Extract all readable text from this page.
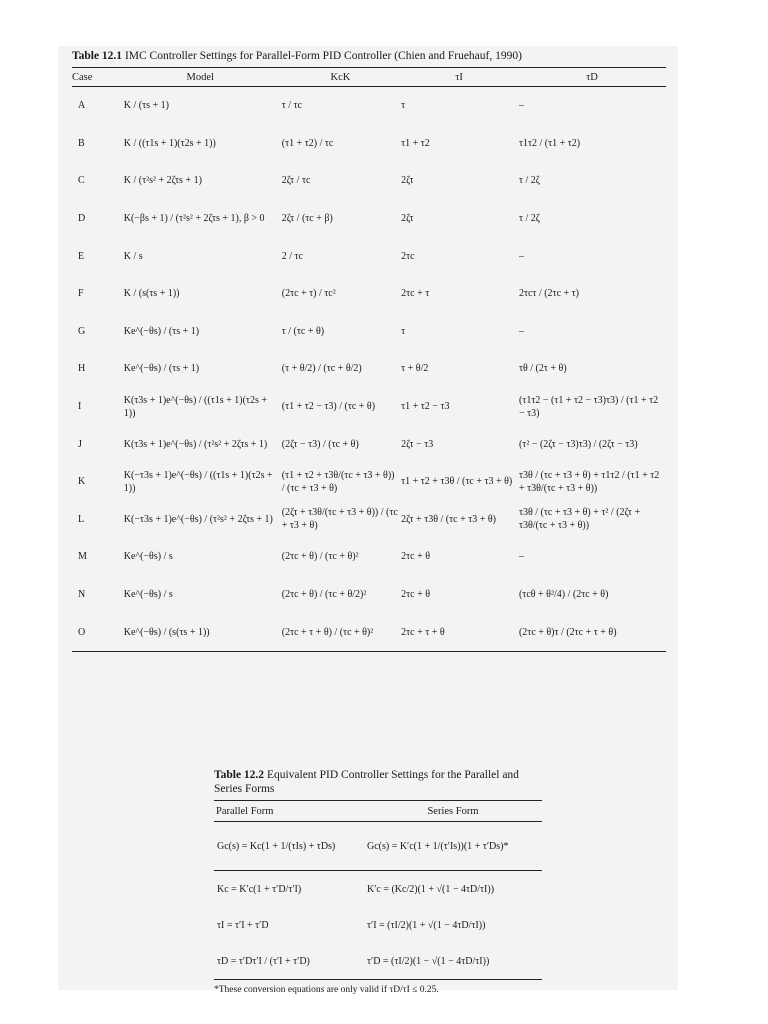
Table 12.1 IMC Controller Settings for Parallel-Form PID Controller (Chien and Fruehauf, 1990)
Case	Model	KcK	τI	τD
A	K / (τs + 1)	τ / τc	τ	–
B	K / ((τ1s + 1)(τ2s + 1))	(τ1 + τ2) / τc	τ1 + τ2	τ1τ2 / (τ1 + τ2)
C	K / (τ²s² + 2ζτs + 1)	2ζτ / τc	2ζτ	τ / 2ζ
D	K(−βs + 1) / (τ²s² + 2ζτs + 1), β > 0	2ζτ / (τc + β)	2ζτ	τ / 2ζ
E	K / s	2 / τc	2τc	–
F	K / (s(τs + 1))	(2τc + τ) / τc²	2τc + τ	2τcτ / (2τc + τ)
G	Ke^(−θs) / (τs + 1)	τ / (τc + θ)	τ	–
H	Ke^(−θs) / (τs + 1)	(τ + θ/2) / (τc + θ/2)	τ + θ/2	τθ / (2τ + θ)
I	K(τ3s + 1)e^(−θs) / ((τ1s + 1)(τ2s + 1))	(τ1 + τ2 − τ3) / (τc + θ)	τ1 + τ2 − τ3	(τ1τ2 − (τ1 + τ2 − τ3)τ3) / (τ1 + τ2 − τ3)
J	K(τ3s + 1)e^(−θs) / (τ²s² + 2ζτs + 1)	(2ζτ − τ3) / (τc + θ)	2ζτ − τ3	(τ² − (2ζτ − τ3)τ3) / (2ζτ − τ3)
K	K(−τ3s + 1)e^(−θs) / ((τ1s + 1)(τ2s + 1))	(τ1 + τ2 + τ3θ/(τc + τ3 + θ)) / (τc + τ3 + θ)	τ1 + τ2 + τ3θ / (τc + τ3 + θ)	τ3θ / (τc + τ3 + θ) + τ1τ2 / (τ1 + τ2 + τ3θ/(τc + τ3 + θ))
L	K(−τ3s + 1)e^(−θs) / (τ²s² + 2ζτs + 1)	(2ζτ + τ3θ/(τc + τ3 + θ)) / (τc + τ3 + θ)	2ζτ + τ3θ / (τc + τ3 + θ)	τ3θ / (τc + τ3 + θ) + τ² / (2ζτ + τ3θ/(τc + τ3 + θ))
M	Ke^(−θs) / s	(2τc + θ) / (τc + θ)²	2τc + θ	–
N	Ke^(−θs) / s	(2τc + θ) / (τc + θ/2)²	2τc + θ	(τcθ + θ²/4) / (2τc + θ)
O	Ke^(−θs) / (s(τs + 1))	(2τc + τ + θ) / (τc + θ)²	2τc + τ + θ	(2τc + θ)τ / (2τc + τ + θ)
Table 12.2 Equivalent PID Controller Settings for the Parallel and Series Forms
Parallel Form	Series Form
Gc(s) = Kc(1 + 1/(τIs) + τDs)	Gc(s) = K′c(1 + 1/(τ′Is))(1 + τ′Ds)*
Kc = K′c(1 + τ′D/τ′I)	K′c = (Kc/2)(1 + √(1 − 4τD/τI))
τI = τ′I + τ′D	τ′I = (τI/2)(1 + √(1 − 4τD/τI))
τD = τ′Dτ′I / (τ′I + τ′D)	τ′D = (τI/2)(1 − √(1 − 4τD/τI))
*These conversion equations are only valid if τD/τI ≤ 0.25.
